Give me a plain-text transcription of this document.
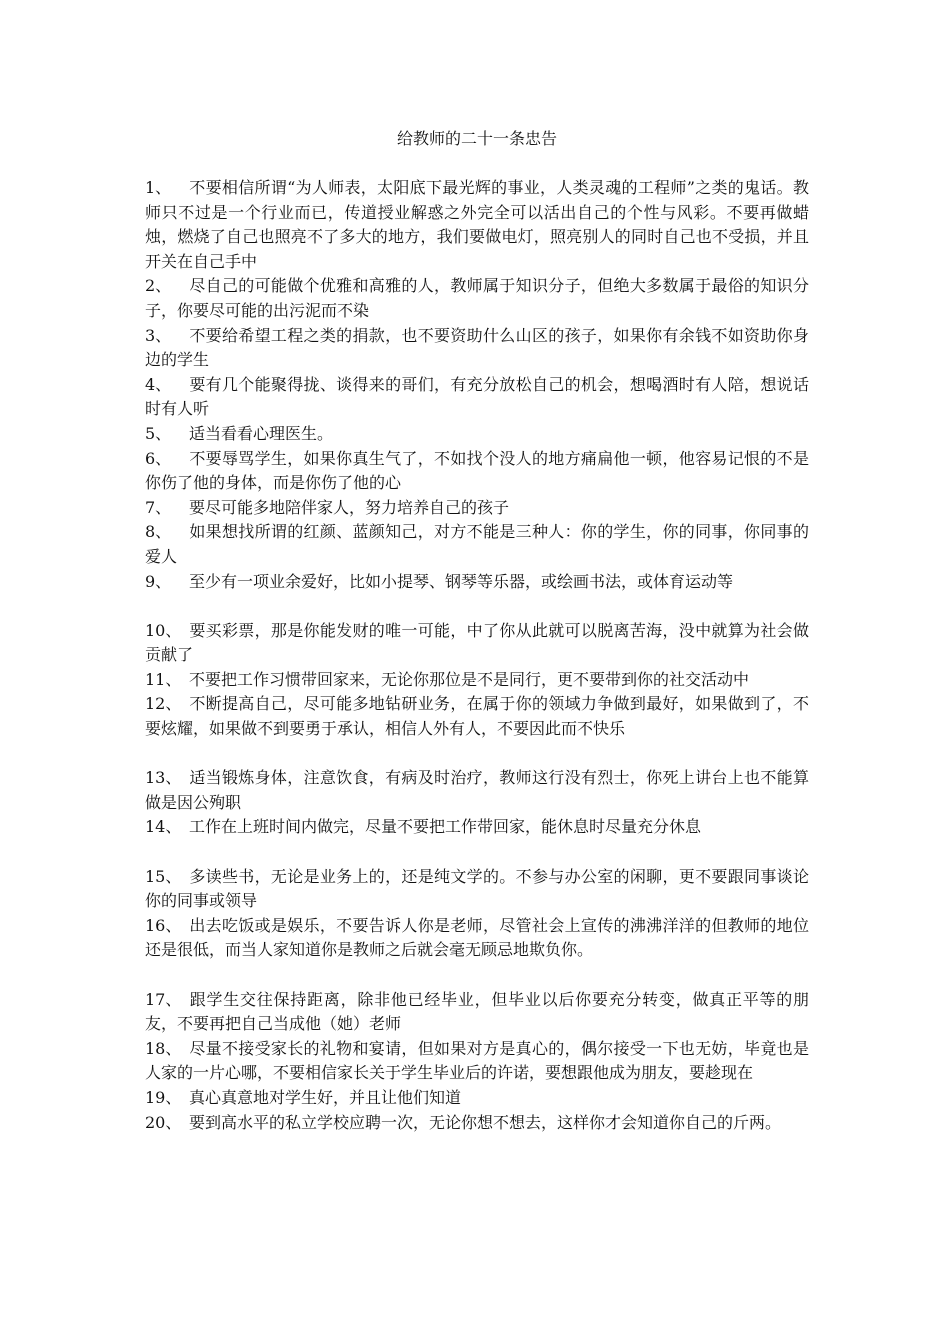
给教师的二十一条忠告

1、 不要相信所谓“为人师表，太阳底下最光辉的事业，人类灵魂的工程师”之类的鬼话。教师只不过是一个行业而已，传道授业解惑之外完全可以活出自己的个性与风彩。不要再做蜡烛，燃烧了自己也照亮不了多大的地方，我们要做电灯，照亮别人的同时自己也不受损，并且开关在自己手中

2、 尽自己的可能做个优雅和高雅的人，教师属于知识分子，但绝大多数属于最俗的知识分子，你要尽可能的出污泥而不染

3、 不要给希望工程之类的捐款，也不要资助什么山区的孩子，如果你有余钱不如资助你身边的学生

4、 要有几个能聚得拢、谈得来的哥们，有充分放松自己的机会，想喝酒时有人陪，想说话时有人听

5、 适当看看心理医生。

6、 不要辱骂学生，如果你真生气了，不如找个没人的地方痛扁他一顿，他容易记恨的不是你伤了他的身体，而是你伤了他的心

7、 要尽可能多地陪伴家人，努力培养自己的孩子

8、 如果想找所谓的红颜、蓝颜知己，对方不能是三种人：你的学生，你的同事，你同事的爱人

9、 至少有一项业余爱好，比如小提琴、钢琴等乐器，或绘画书法，或体育运动等

10、 要买彩票，那是你能发财的唯一可能，中了你从此就可以脱离苦海，没中就算为社会做贡献了

11、 不要把工作习惯带回家来，无论你那位是不是同行，更不要带到你的社交活动中

12、 不断提高自己，尽可能多地钻研业务，在属于你的领域力争做到最好，如果做到了，不要炫耀，如果做不到要勇于承认，相信人外有人，不要因此而不快乐

13、 适当锻炼身体，注意饮食，有病及时治疗，教师这行没有烈士，你死上讲台上也不能算做是因公殉职

14、 工作在上班时间内做完，尽量不要把工作带回家，能休息时尽量充分休息

15、 多读些书，无论是业务上的，还是纯文学的。不参与办公室的闲聊，更不要跟同事谈论你的同事或领导

16、 出去吃饭或是娱乐，不要告诉人你是老师，尽管社会上宣传的沸沸洋洋的但教师的地位还是很低，而当人家知道你是教师之后就会毫无顾忌地欺负你。

17、 跟学生交往保持距离，除非他已经毕业，但毕业以后你要充分转变，做真正平等的朋友，不要再把自己当成他（她）老师

18、 尽量不接受家长的礼物和宴请，但如果对方是真心的，偶尔接受一下也无妨，毕竟也是人家的一片心哪，不要相信家长关于学生毕业后的许诺，要想跟他成为朋友，要趁现在

19、 真心真意地对学生好，并且让他们知道

20、 要到高水平的私立学校应聘一次，无论你想不想去，这样你才会知道你自己的斤两。
